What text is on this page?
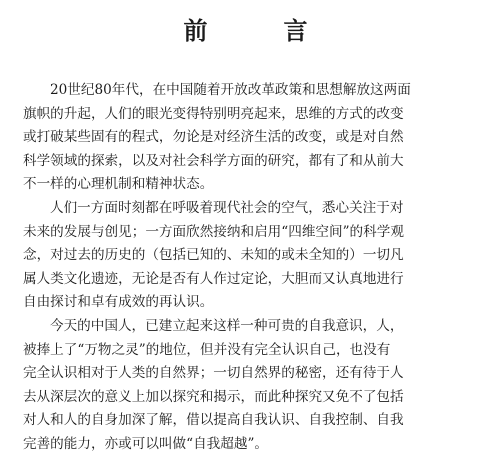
前　言
20世纪80年代，在中国随着开放改革政策和思想解放这两面
旗帜的升起，人们的眼光变得特别明亮起来，思维的方式的改变
或打破某些固有的程式，勿论是对经济生活的改变，或是对自然
科学领域的探索，以及对社会科学方面的研究，都有了和从前大
不一样的心理机制和精神状态。
人们一方面时刻都在呼吸着现代社会的空气，悉心关注于对
未来的发展与创见；一方面欣然接纳和启用“四维空间”的科学观
念，对过去的历史的（包括已知的、未知的或未全知的）一切凡
属人类文化遗迹，无论是否有人作过定论，大胆而又认真地进行
自由探讨和卓有成效的再认识。
今天的中国人，已建立起来这样一种可贵的自我意识，人，
被捧上了“万物之灵”的地位，但并没有完全认识自己，也没有
完全认识相对于人类的自然界；一切自然界的秘密，还有待于人
去从深层次的意义上加以探究和揭示，而此种探究又免不了包括
对人和人的自身加深了解，借以提高自我认识、自我控制、自我
完善的能力，亦或可以叫做“自我超越”。
